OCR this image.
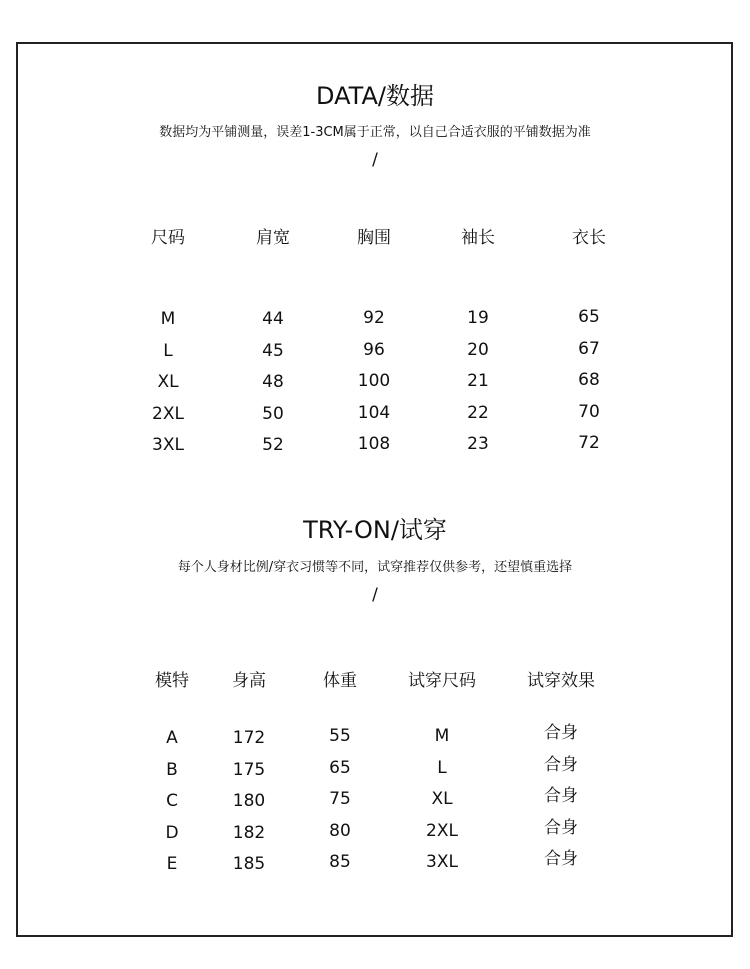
DATA/数据
数据均为平铺测量，误差1-3CM属于正常，以自己合适衣服的平铺数据为准
/
尺码	肩宽	胸围	袖长	衣长
M	44	92	19	65
L	45	96	20	67
XL	48	100	21	68
2XL	50	104	22	70
3XL	52	108	23	72
TRY-ON/试穿
每个人身材比例/穿衣习惯等不同，试穿推荐仅供参考，还望慎重选择
/
模特	身高	体重	试穿尺码	试穿效果
A	172	55	M	合身
B	175	65	L	合身
C	180	75	XL	合身
D	182	80	2XL	合身
E	185	85	3XL	合身
